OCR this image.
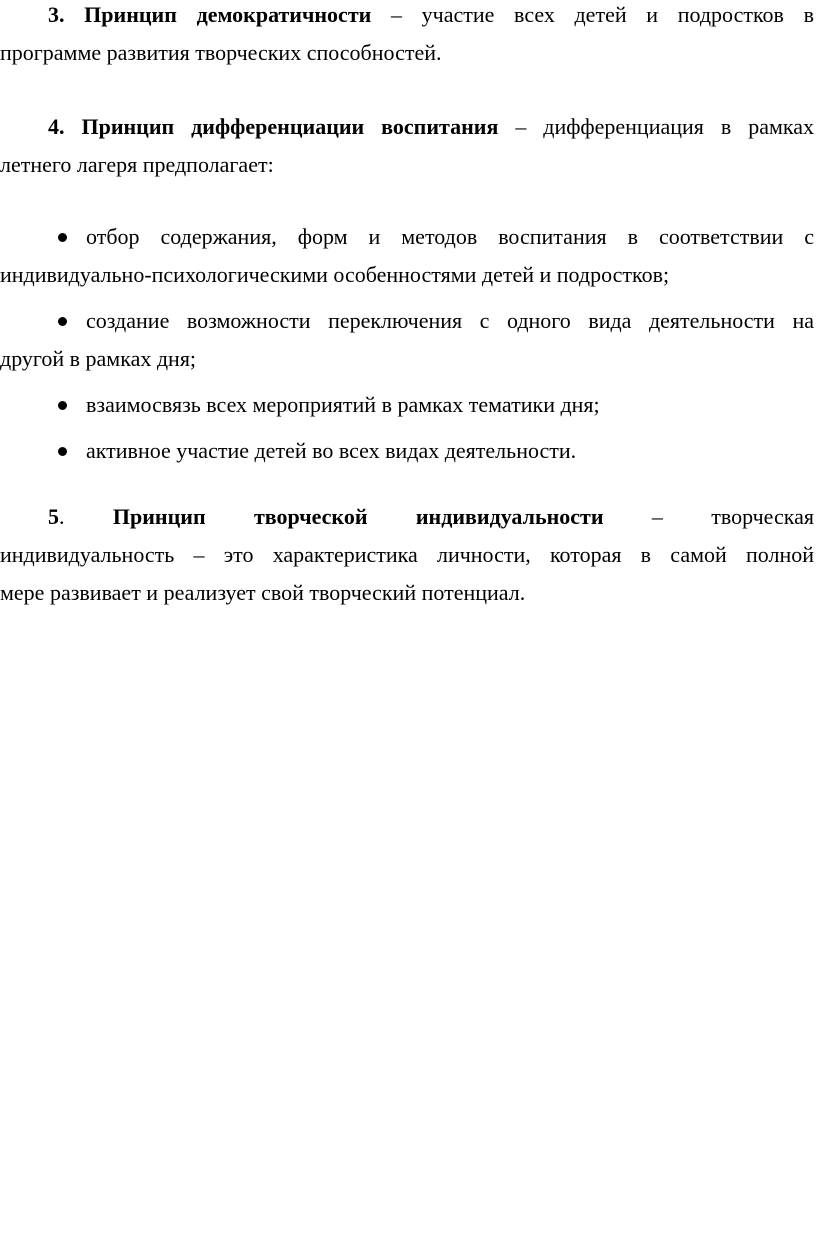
3. Принцип демократичности – участие всех детей и подростков в
программе развития творческих способностей.
4. Принцип дифференциации воспитания – дифференциация в рамках
летнего лагеря предполагает:
отбор содержания, форм и методов воспитания в соответствии с
индивидуально-психологическими особенностями детей и подростков;
создание возможности переключения с одного вида деятельности на
другой в рамках дня;
взаимосвязь всех мероприятий в рамках тематики дня;
активное участие детей во всех видах деятельности.
5. Принцип творческой индивидуальности – творческая
индивидуальность – это характеристика личности, которая в самой полной
мере развивает и реализует свой творческий потенциал.
